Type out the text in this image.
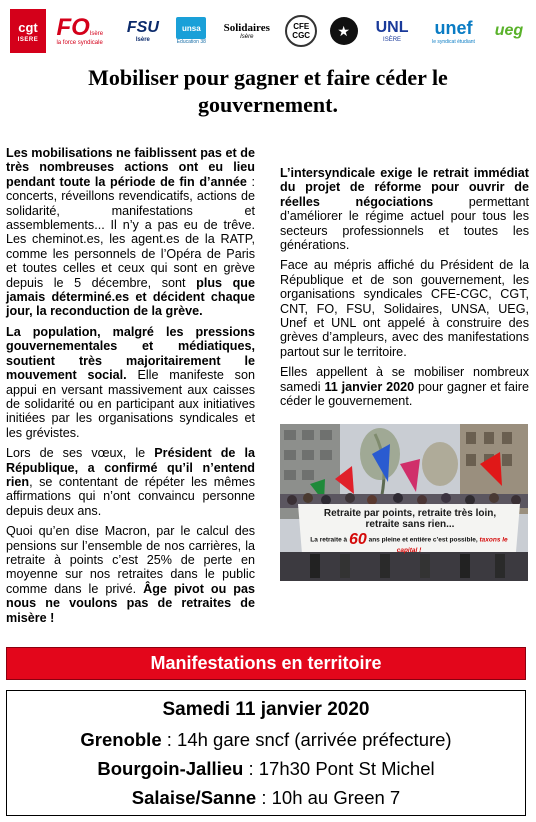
cgt
ISERE FOIsère
la force syndicale
FSU
Isère
unsa
Education 38
Solidaires
Isère
CFE CGC	★	UNL
ISÈRE
unef
le syndicat étudiant
ueg
Mobiliser pour gagner et faire céder le gouvernement.

Les mobilisations ne faiblissent pas et de très nombreuses actions ont eu lieu pendant toute la période de fin d’année : concerts, réveillons revendicatifs, actions de solidarité, manifestations et assemblements... Il n’y a pas eu de trêve. Les cheminot.es, les agent.es de la RATP, comme les personnels de l’Opéra de Paris et toutes celles et ceux qui sont en grève depuis le 5 décembre, sont plus que jamais déterminé.es et décident chaque jour, la reconduction de la grève.

La population, malgré les pressions gouvernementales et médiatiques, soutient très majoritairement le mouvement social. Elle manifeste son appui en versant massivement aux caisses de solidarité ou en participant aux initiatives initiées par les organisations syndicales et les grévistes.

Lors de ses vœux, le Président de la République, a confirmé qu’il n’entend rien, se contentant de répéter les mêmes affirmations qui n’ont convaincu personne depuis deux ans.

Quoi qu’en dise Macron, par le calcul des pensions sur l’ensemble de nos carrières, la retraite à points c’est 25% de perte en moyenne sur nos retraites dans le public comme dans le privé. Âge pivot ou pas nous ne voulons pas de retraites de misère !

L’intersyndicale exige le retrait immédiat du projet de réforme pour ouvrir de réelles négociations permettant d’améliorer le régime actuel pour tous les secteurs professionnels et toutes les générations.

Face au mépris affiché du Président de la République et de son gouvernement, les organisations syndicales CFE-CGC, CGT, CNT, FO, FSU, Solidaires, UNSA, UEG, Unef et UNL ont appelé à construire des grèves d’ampleurs, avec des manifestations partout sur le territoire.

Elles appellent à se mobiliser nombreux samedi 11 janvier 2020 pour gagner et faire céder le gouvernement.

Retraite par points, retraite très loin,
retraite sans rien...
La retraite à 60 ans pleine et entière c’est possible, taxons le capital !
Manifestations en territoire
Samedi 11 janvier 2020
Grenoble : 14h gare sncf (arrivée préfecture)
Bourgoin-Jallieu : 17h30 Pont St Michel
Salaise/Sanne : 10h au Green 7
